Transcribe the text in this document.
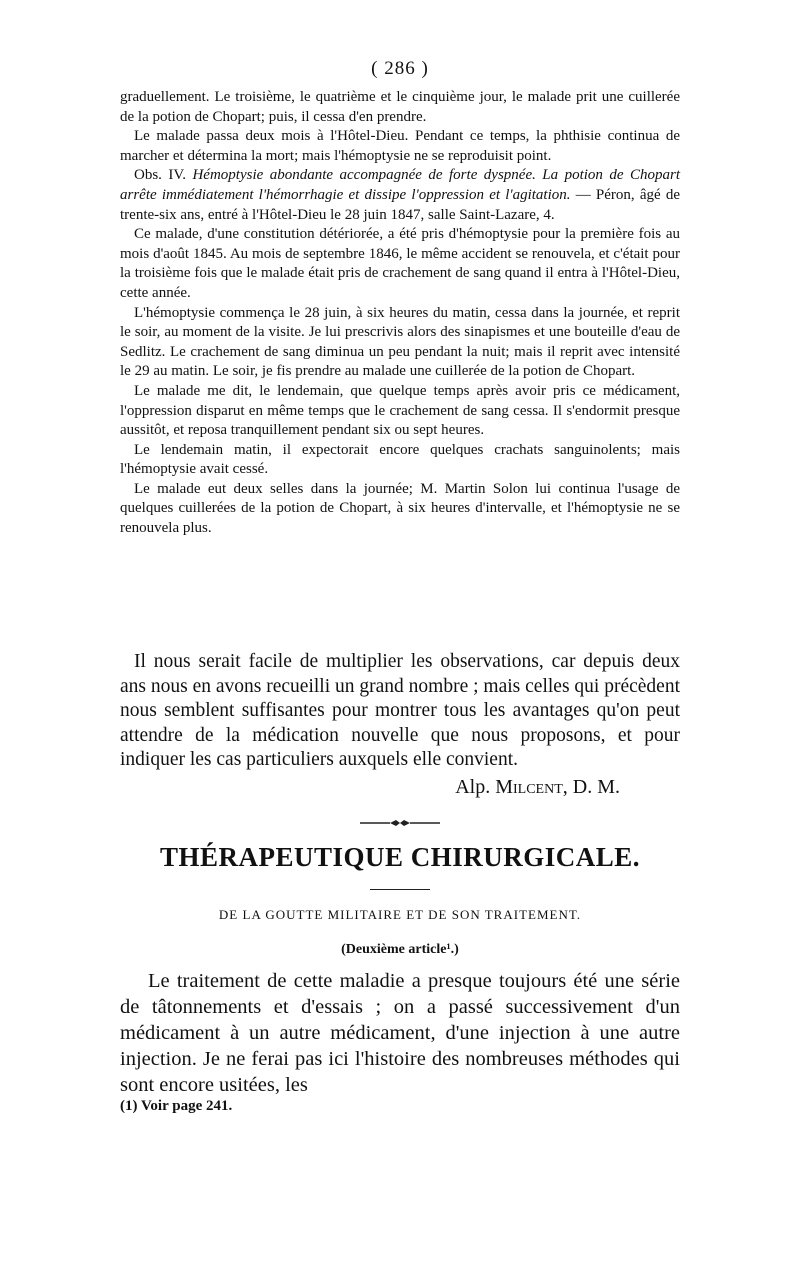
( 286 )

graduellement. Le troisième, le quatrième et le cinquième jour, le malade prit une cuillerée de la potion de Chopart; puis, il cessa d'en prendre.

Le malade passa deux mois à l'Hôtel-Dieu. Pendant ce temps, la phthisie continua de marcher et détermina la mort; mais l'hémoptysie ne se reproduisit point.

Obs. IV. Hémoptysie abondante accompagnée de forte dyspnée. La potion de Chopart arrête immédiatement l'hémorrhagie et dissipe l'oppression et l'agitation. — Péron, âgé de trente-six ans, entré à l'Hôtel-Dieu le 28 juin 1847, salle Saint-Lazare, 4.

Ce malade, d'une constitution détériorée, a été pris d'hémoptysie pour la première fois au mois d'août 1845. Au mois de septembre 1846, le même accident se renouvela, et c'était pour la troisième fois que le malade était pris de crachement de sang quand il entra à l'Hôtel-Dieu, cette année.

L'hémoptysie commença le 28 juin, à six heures du matin, cessa dans la journée, et reprit le soir, au moment de la visite. Je lui prescrivis alors des sinapismes et une bouteille d'eau de Sedlitz. Le crachement de sang diminua un peu pendant la nuit; mais il reprit avec intensité le 29 au matin. Le soir, je fis prendre au malade une cuillerée de la potion de Chopart.

Le malade me dit, le lendemain, que quelque temps après avoir pris ce médicament, l'oppression disparut en même temps que le crachement de sang cessa. Il s'endormit presque aussitôt, et reposa tranquillement pendant six ou sept heures.

Le lendemain matin, il expectorait encore quelques crachats sanguinolents; mais l'hémoptysie avait cessé.

Le malade eut deux selles dans la journée; M. Martin Solon lui continua l'usage de quelques cuillerées de la potion de Chopart, à six heures d'intervalle, et l'hémoptysie ne se renouvela plus.

Il nous serait facile de multiplier les observations, car depuis deux ans nous en avons recueilli un grand nombre ; mais celles qui précèdent nous semblent suffisantes pour montrer tous les avantages qu'on peut attendre de la médication nouvelle que nous proposons, et pour indiquer les cas particuliers auxquels elle convient.

Alp. Milcent, D. M.
THÉRAPEUTIQUE CHIRURGICALE.
DE LA GOUTTE MILITAIRE ET DE SON TRAITEMENT.
(Deuxième article¹.)

Le traitement de cette maladie a presque toujours été une série de tâtonnements et d'essais ; on a passé successivement d'un médicament à un autre médicament, d'une injection à une autre injection. Je ne ferai pas ici l'histoire des nombreuses méthodes qui sont encore usitées, les

(1) Voir page 241.
